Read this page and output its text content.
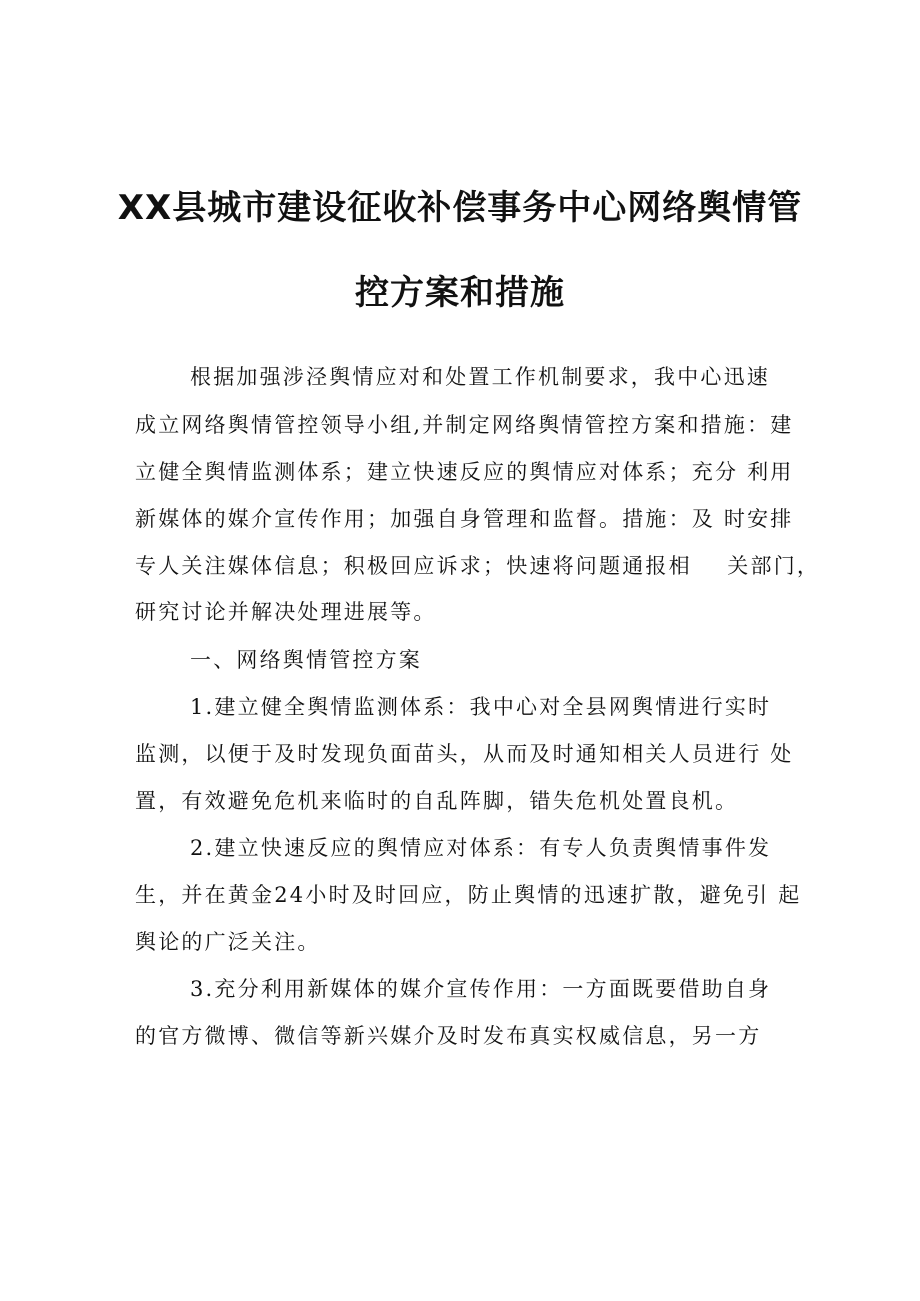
XX县城市建设征收补偿事务中心网络舆情管
控方案和措施
根据加强涉泾舆情应对和处置工作机制要求，我中心迅速
成立网络舆情管控领导小组,并制定网络舆情管控方案和措施：建
立健全舆情监测体系；建立快速反应的舆情应对体系；充分 利用
新媒体的媒介宣传作用；加强自身管理和监督。措施：及 时安排
专人关注媒体信息；积极回应诉求；快速将问题通报相    关部门，
研究讨论并解决处理进展等。
一、网络舆情管控方案
1.建立健全舆情监测体系：我中心对全县网舆情进行实时
监测，以便于及时发现负面苗头，从而及时通知相关人员进行 处
置，有效避免危机来临时的自乱阵脚，错失危机处置良机。
2.建立快速反应的舆情应对体系：有专人负责舆情事件发
生，并在黄金24小时及时回应，防止舆情的迅速扩散，避免引 起
舆论的广泛关注。
3.充分利用新媒体的媒介宣传作用：一方面既要借助自身
的官方微博、微信等新兴媒介及时发布真实权威信息，另一方
